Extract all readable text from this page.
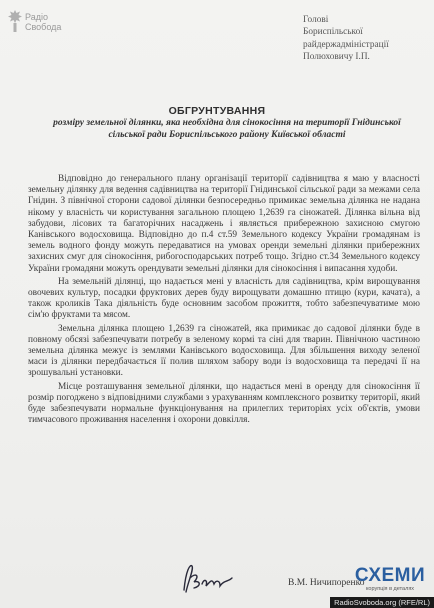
Радіо
Свобода
Голові
Бориспільської
райдержадміністрації
Полюховичу І.П.
ОБГРУНТУВАННЯ
розміру земельної ділянки, яка необхідна для сінокосіння на території Гнідинської сільської ради Бориспільського району Київської області

Відповідно до генерального плану організації території садівництва я маю у власності земельну ділянку для ведення садівництва на території Гнідинської сільської ради за межами села Гнідин. З північної сторони садової ділянки безпосередньо примикає земельна ділянка не надана нікому у власність чи користування загальною площею 1,2639 га сіножатей. Ділянка вільна від забудови, лісових та багаторічних насаджень і являється прибережною захисною смугою Канівського водосховища. Відповідно до п.4 ст.59 Земельного кодексу України громадянам із земель водного фонду можуть передаватися на умовах оренди земельні ділянки прибережних захисних смуг для сінокосіння, рибогосподарських потреб тощо. Згідно ст.34 Земельного кодексу України громадяни можуть орендувати земельні ділянки для сінокосіння і випасання худоби.

На земельній ділянці, що надається мені у власність для садівництва, крім вирощування овочевих культур, посадки фруктових дерев буду вирощувати домашню птицю (кури, качата), а також кроликів Така діяльність буде основним засобом прожиття, тобто забезпечуватиме мою сім'ю фруктами та мясом.

Земельна ділянка площею 1,2639 га сіножатей, яка примикає до садової ділянки буде в повному обсязі забезпечувати потребу в зеленому кормі та сіні для тварин. Північною частиною земельна ділянка межує із землями Канівського водосховища. Для збільшення виходу зеленої маси із ділянки передбачається її полив шляхом забору води із водосховища та передачі її на зрошувальні установки.

Місце розташування земельної ділянки, що надається мені в оренду для сінокосіння її розмір погоджено з відповідними службами з урахуванням комплексного розвитку території, який буде забезпечувати нормальне функціонування на прилеглих територіях усіх об'єктів, умови тимчасового проживання населення і охорони довкілля.

В.М. Ничипоренко
СХЕМИ
корупція в деталях
RadioSvoboda.org (RFE/RL)
